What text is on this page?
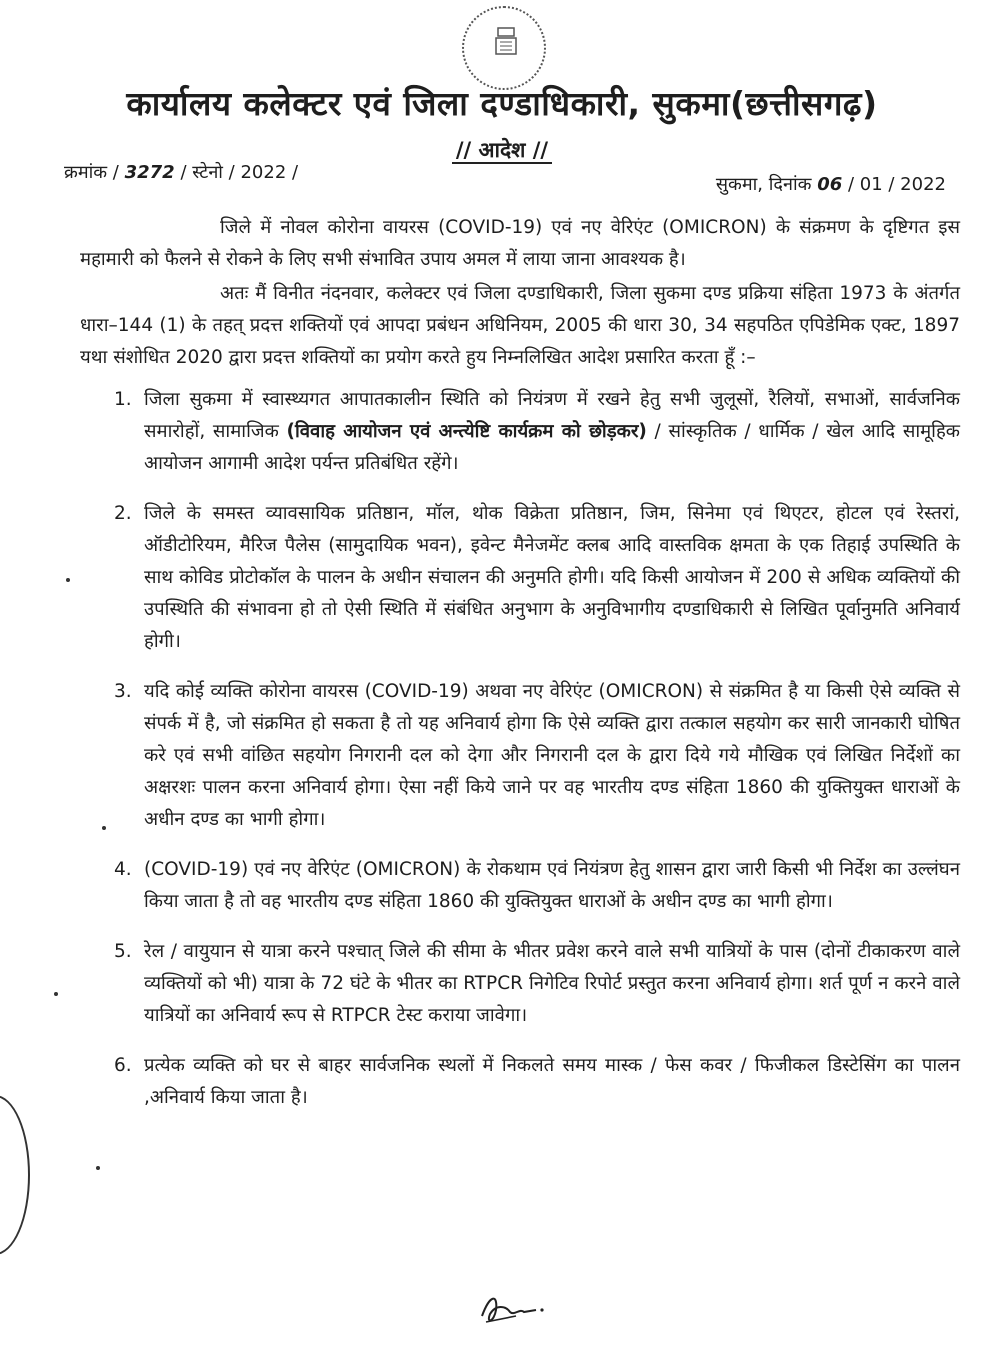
कार्यालय कलेक्टर एवं जिला दण्डाधिकारी, सुकमा(छत्तीसगढ़)
// आदेश //
क्रमांक / 3272 / स्टेनो / 2022 /
सुकमा, दिनांक 06 / 01 / 2022

जिले में नोवल कोरोना वायरस (COVID-19) एवं नए वेरिएंट (OMICRON) के संक्रमण के दृष्टिगत इस महामारी को फैलने से रोकने के लिए सभी संभावित उपाय अमल में लाया जाना आवश्यक है।

अतः मैं विनीत नंदनवार, कलेक्टर एवं जिला दण्डाधिकारी, जिला सुकमा दण्ड प्रक्रिया संहिता 1973 के अंतर्गत धारा–144 (1) के तहत् प्रदत्त शक्तियों एवं आपदा प्रबंधन अधिनियम, 2005 की धारा 30, 34 सहपठित एपिडेमिक एक्ट, 1897 यथा संशोधित 2020 द्वारा प्रदत्त शक्तियों का प्रयोग करते हुय निम्नलिखित आदेश प्रसारित करता हूँ :–

1. जिला सुकमा में स्वास्थ्यगत आपातकालीन स्थिति को नियंत्रण में रखने हेतु सभी जुलूसों, रैलियों, सभाओं, सार्वजनिक समारोहों, सामाजिक (विवाह आयोजन एवं अन्त्येष्टि कार्यक्रम को छोड़कर) / सांस्कृतिक / धार्मिक / खेल आदि सामूहिक आयोजन आगामी आदेश पर्यन्त प्रतिबंधित रहेंगे।
2. जिले के समस्त व्यावसायिक प्रतिष्ठान, मॉल, थोक विक्रेता प्रतिष्ठान, जिम, सिनेमा एवं थिएटर, होटल एवं रेस्तरां, ऑडीटोरियम, मैरिज पैलेस (सामुदायिक भवन), इवेन्ट मैनेजमेंट क्लब आदि वास्तविक क्षमता के एक तिहाई उपस्थिति के साथ कोविड प्रोटोकॉल के पालन के अधीन संचालन की अनुमति होगी। यदि किसी आयोजन में 200 से अधिक व्यक्तियों की उपस्थिति की संभावना हो तो ऐसी स्थिति में संबंधित अनुभाग के अनुविभागीय दण्डाधिकारी से लिखित पूर्वानुमति अनिवार्य होगी।
3. यदि कोई व्यक्ति कोरोना वायरस (COVID-19) अथवा नए वेरिएंट (OMICRON) से संक्रमित है या किसी ऐसे व्यक्ति से संपर्क में है, जो संक्रमित हो सकता है तो यह अनिवार्य होगा कि ऐसे व्यक्ति द्वारा तत्काल सहयोग कर सारी जानकारी घोषित करे एवं सभी वांछित सहयोग निगरानी दल को देगा और निगरानी दल के द्वारा दिये गये मौखिक एवं लिखित निर्देशों का अक्षरशः पालन करना अनिवार्य होगा। ऐसा नहीं किये जाने पर वह भारतीय दण्ड संहिता 1860 की युक्तियुक्त धाराओं के अधीन दण्ड का भागी होगा।
4. (COVID-19) एवं नए वेरिएंट (OMICRON) के रोकथाम एवं नियंत्रण हेतु शासन द्वारा जारी किसी भी निर्देश का उल्लंघन किया जाता है तो वह भारतीय दण्ड संहिता 1860 की युक्तियुक्त धाराओं के अधीन दण्ड का भागी होगा।
5. रेल / वायुयान से यात्रा करने पश्चात् जिले की सीमा के भीतर प्रवेश करने वाले सभी यात्रियों के पास (दोनों टीकाकरण वाले व्यक्तियों को भी) यात्रा के 72 घंटे के भीतर का RTPCR निगेटिव रिपोर्ट प्रस्तुत करना अनिवार्य होगा। शर्त पूर्ण न करने वाले यात्रियों का अनिवार्य रूप से RTPCR टेस्ट कराया जावेगा।
6. प्रत्येक व्यक्ति को घर से बाहर सार्वजनिक स्थलों में निकलते समय मास्क / फेस कवर / फिजीकल डिस्टेसिंग का पालन ,अनिवार्य किया जाता है।
